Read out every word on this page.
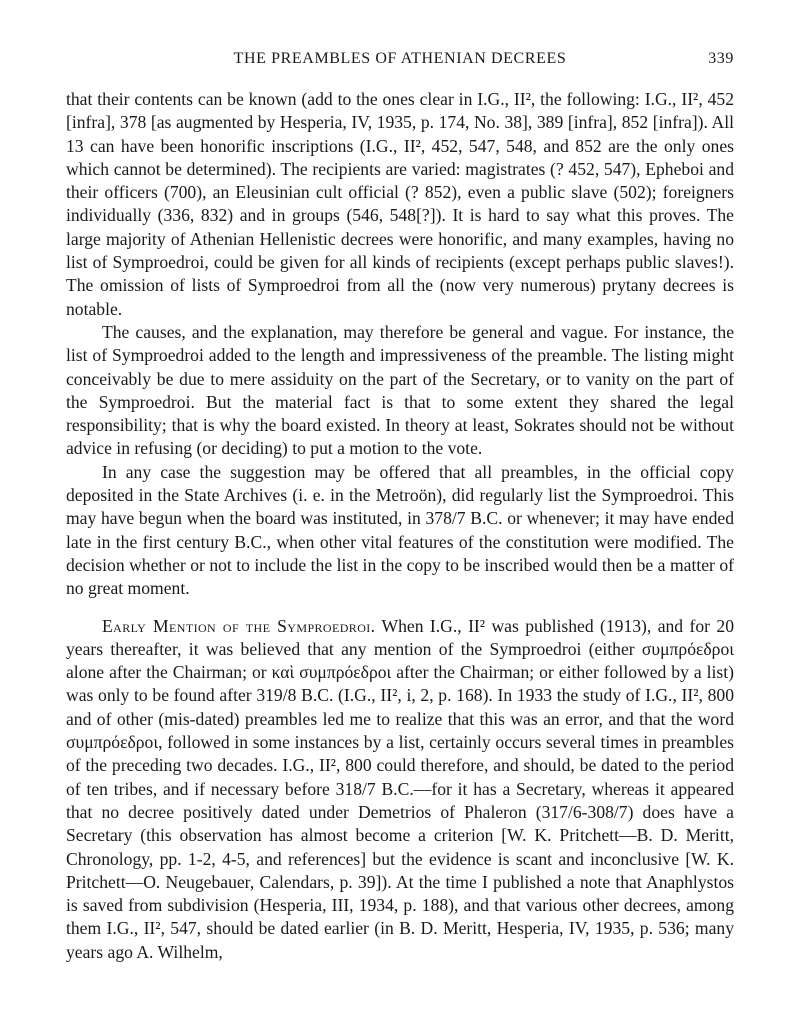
THE PREAMBLES OF ATHENIAN DECREES	339

that their contents can be known (add to the ones clear in I.G., II², the following: I.G., II², 452 [infra], 378 [as augmented by Hesperia, IV, 1935, p. 174, No. 38], 389 [infra], 852 [infra]). All 13 can have been honorific inscriptions (I.G., II², 452, 547, 548, and 852 are the only ones which cannot be determined). The recipients are varied: magistrates (? 452, 547), Epheboi and their officers (700), an Eleusinian cult official (? 852), even a public slave (502); foreigners individually (336, 832) and in groups (546, 548[?]). It is hard to say what this proves. The large majority of Athenian Hellenistic decrees were honorific, and many examples, having no list of Symproedroi, could be given for all kinds of recipients (except perhaps public slaves!). The omission of lists of Symproedroi from all the (now very numerous) prytany decrees is notable.

The causes, and the explanation, may therefore be general and vague. For instance, the list of Symproedroi added to the length and impressiveness of the preamble. The listing might conceivably be due to mere assiduity on the part of the Secretary, or to vanity on the part of the Symproedroi. But the material fact is that to some extent they shared the legal responsibility; that is why the board existed. In theory at least, Sokrates should not be without advice in refusing (or deciding) to put a motion to the vote.

In any case the suggestion may be offered that all preambles, in the official copy deposited in the State Archives (i. e. in the Metroön), did regularly list the Symproedroi. This may have begun when the board was instituted, in 378/7 B.C. or whenever; it may have ended late in the first century B.C., when other vital features of the constitution were modified. The decision whether or not to include the list in the copy to be inscribed would then be a matter of no great moment.

Early Mention of the Symproedroi. When I.G., II² was published (1913), and for 20 years thereafter, it was believed that any mention of the Symproedroi (either συμπρόεδροι alone after the Chairman; or καὶ συμπρόεδροι after the Chairman; or either followed by a list) was only to be found after 319/8 B.C. (I.G., II², i, 2, p. 168). In 1933 the study of I.G., II², 800 and of other (mis-dated) preambles led me to realize that this was an error, and that the word συμπρόεδροι, followed in some instances by a list, certainly occurs several times in preambles of the preceding two decades. I.G., II², 800 could therefore, and should, be dated to the period of ten tribes, and if necessary before 318/7 B.C.—for it has a Secretary, whereas it appeared that no decree positively dated under Demetrios of Phaleron (317/6-308/7) does have a Secretary (this observation has almost become a criterion [W. K. Pritchett—B. D. Meritt, Chronology, pp. 1-2, 4-5, and references] but the evidence is scant and inconclusive [W. K. Pritchett—O. Neugebauer, Calendars, p. 39]). At the time I published a note that Anaphlystos is saved from subdivision (Hesperia, III, 1934, p. 188), and that various other decrees, among them I.G., II², 547, should be dated earlier (in B. D. Meritt, Hesperia, IV, 1935, p. 536; many years ago A. Wilhelm,
